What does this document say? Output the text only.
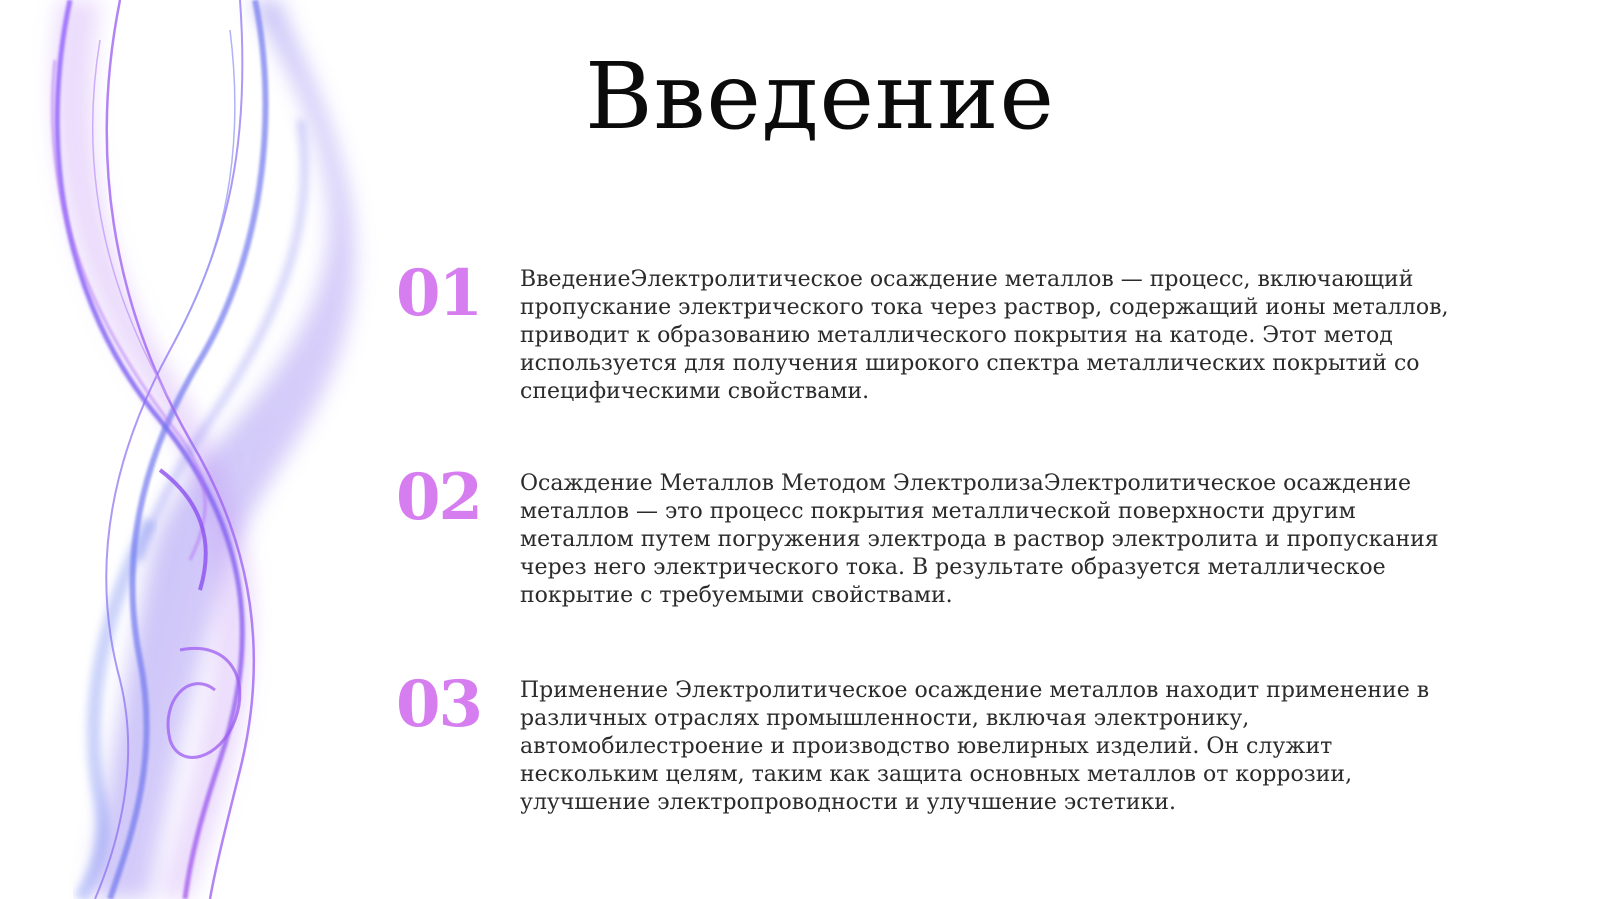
Введение
01	ВведениеЭлектролитическое осаждение металлов — процесс, включающий пропускание электрического тока через раствор, содержащий ионы металлов, приводит к образованию металлического покрытия на катоде. Этот метод используется для получения широкого спектра металлических покрытий со специфическими свойствами.

02	Осаждение Металлов Методом ЭлектролизаЭлектролитическое осаждение металлов — это процесс покрытия металлической поверхности другим металлом путем погружения электрода в раствор электролита и пропускания через него электрического тока. В результате образуется металлическое покрытие с требуемыми свойствами.

03	Применение Электролитическое осаждение металлов находит применение в различных отраслях промышленности, включая электронику, автомобилестроение и производство ювелирных изделий. Он служит нескольким целям, таким как защита основных металлов от коррозии, улучшение электропроводности и улучшение эстетики.
